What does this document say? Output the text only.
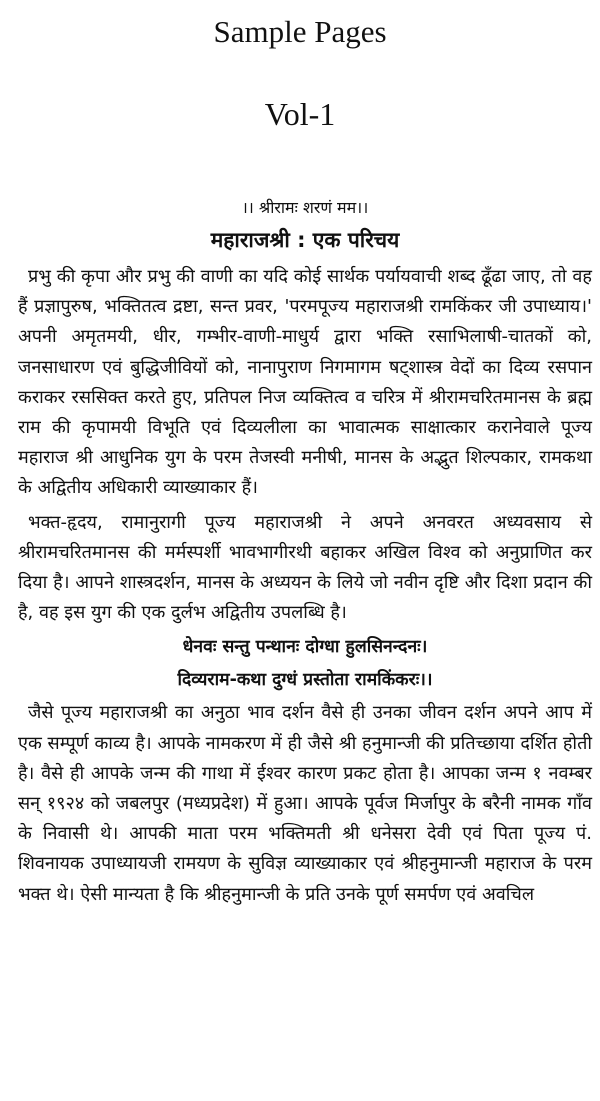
Sample Pages
Vol-1

।। श्रीरामः शरणं मम।।

महाराजश्री : एक परिचय

प्रभु की कृपा और प्रभु की वाणी का यदि कोई सार्थक पर्यायवाची शब्द ढूँढा जाए, तो वह हैं प्रज्ञापुरुष, भक्तितत्व द्रष्टा, सन्त प्रवर, 'परमपूज्य महाराजश्री रामकिंकर जी उपाध्याय।' अपनी अमृतमयी, धीर, गम्भीर-वाणी-माधुर्य द्वारा भक्ति रसाभिलाषी-चातकों को, जनसाधारण एवं बुद्धिजीवियों को, नानापुराण निगमागम षट्शास्त्र वेदों का दिव्य रसपान कराकर रससिक्त करते हुए, प्रतिपल निज व्यक्तित्व व चरित्र में श्रीरामचरितमानस के ब्रह्म राम की कृपामयी विभूति एवं दिव्यलीला का भावात्मक साक्षात्कार करानेवाले पूज्य महाराज श्री आधुनिक युग के परम तेजस्वी मनीषी, मानस के अद्भुत शिल्पकार, रामकथा के अद्वितीय अधिकारी व्याख्याकार हैं।

भक्त-हृदय, रामानुरागी पूज्य महाराजश्री ने अपने अनवरत अध्यवसाय से श्रीरामचरितमानस की मर्मस्पर्शी भावभागीरथी बहाकर अखिल विश्व को अनुप्राणित कर दिया है। आपने शास्त्रदर्शन, मानस के अध्ययन के लिये जो नवीन दृष्टि और दिशा प्रदान की है, वह इस युग की एक दुर्लभ अद्वितीय उपलब्धि है।

धेनवः सन्तु पन्थानः दोग्धा हुलसिनन्दनः।

दिव्यराम-कथा दुग्धं प्रस्तोता रामकिंकरः।।

जैसे पूज्य महाराजश्री का अनुठा भाव दर्शन वैसे ही उनका जीवन दर्शन अपने आप में एक सम्पूर्ण काव्य है। आपके नामकरण में ही जैसे श्री हनुमान्जी की प्रतिच्छाया दर्शित होती है। वैसे ही आपके जन्म की गाथा में ईश्वर कारण प्रकट होता है। आपका जन्म १ नवम्बर सन् १९२४ को जबलपुर (मध्यप्रदेश) में हुआ। आपके पूर्वज मिर्जापुर के बरैनी नामक गाँव के निवासी थे। आपकी माता परम भक्तिमती श्री धनेसरा देवी एवं पिता पूज्य पं. शिवनायक उपाध्यायजी रामयण के सुविज्ञ व्याख्याकार एवं श्रीहनुमान्जी महाराज के परम भक्त थे। ऐसी मान्यता है कि श्रीहनुमान्जी के प्रति उनके पूर्ण समर्पण एवं अवचिल
